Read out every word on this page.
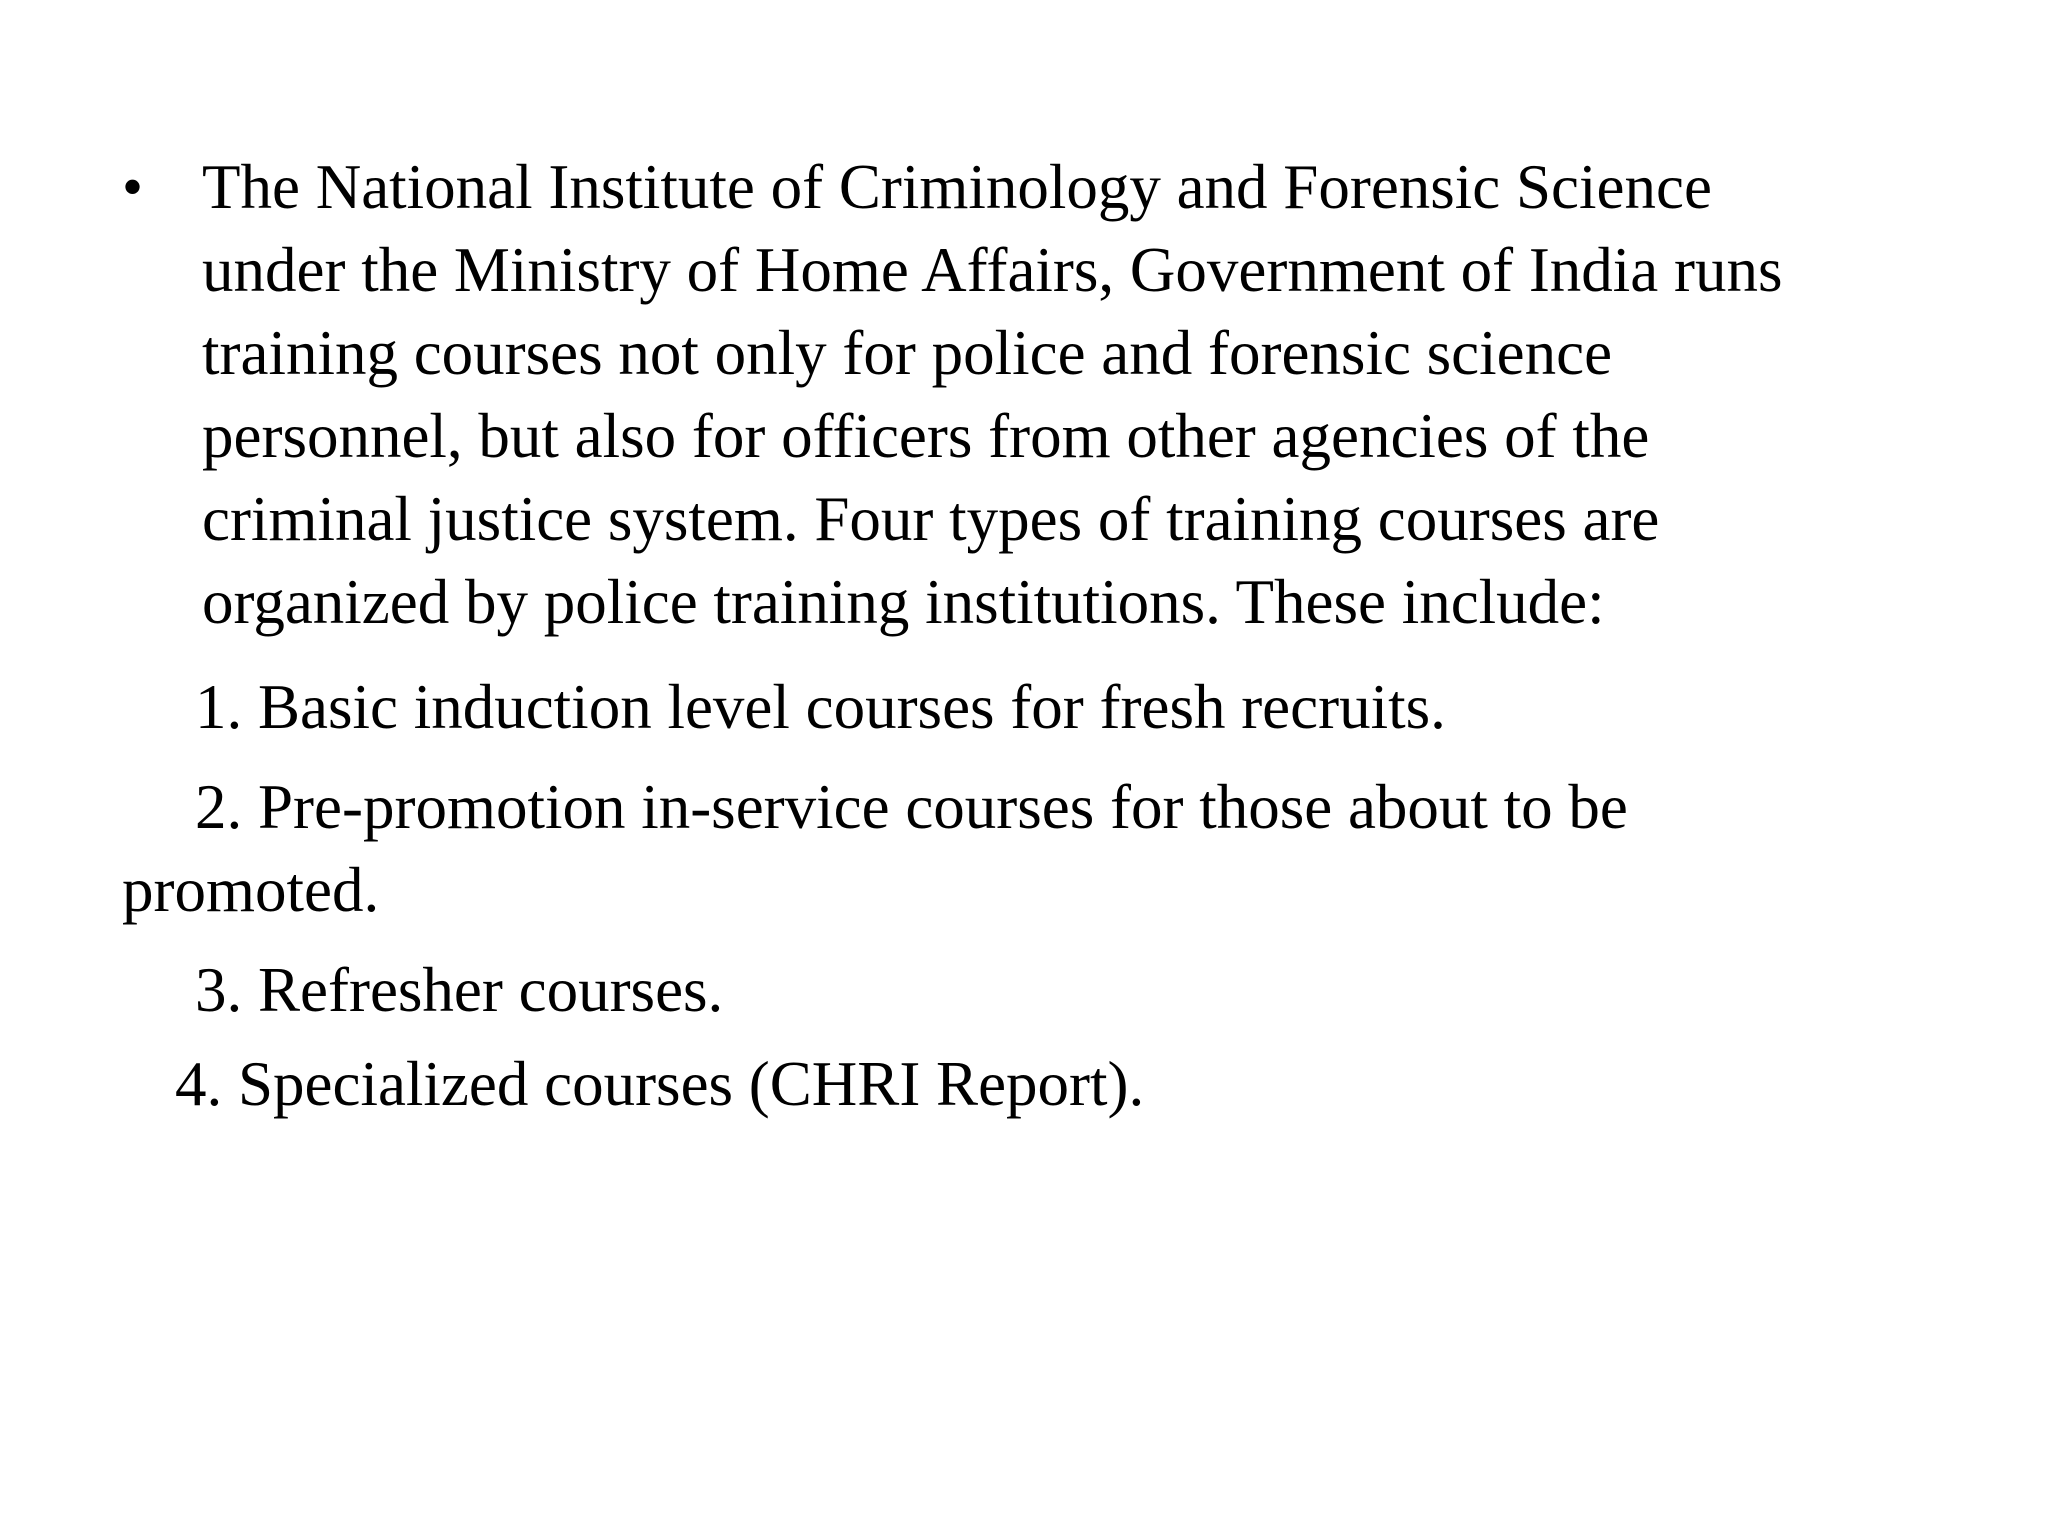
• The National Institute of Criminology and Forensic Science
under the Ministry of Home Affairs, Government of India runs
training courses not only for police and forensic science
personnel, but also for officers from other agencies of the
criminal justice system. Four types of training courses are
organized by police training institutions. These include:
1. Basic induction level courses for fresh recruits.
2. Pre-promotion in-service courses for those about to be
promoted.
3. Refresher courses.
4. Specialized courses (CHRI Report).
